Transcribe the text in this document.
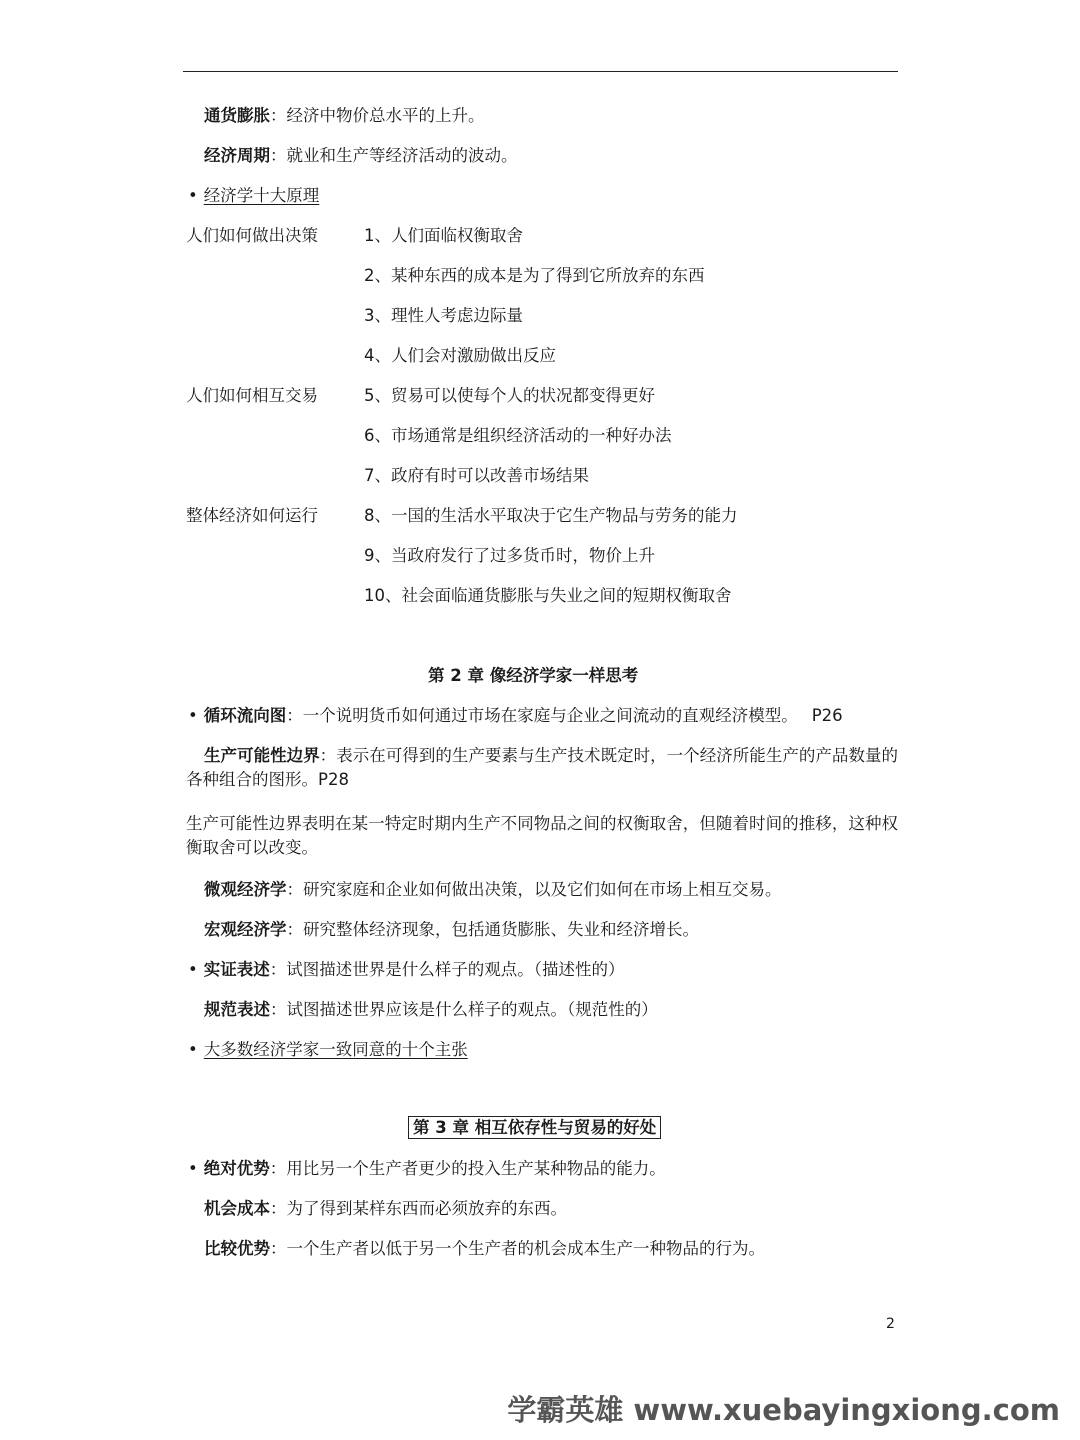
通货膨胀：经济中物价总水平的上升。
经济周期：就业和生产等经济活动的波动。
• 经济学十大原理
人们如何做出决策	1、人们面临权衡取舍
2、某种东西的成本是为了得到它所放弃的东西
3、理性人考虑边际量
4、人们会对激励做出反应
人们如何相互交易	5、贸易可以使每个人的状况都变得更好
6、市场通常是组织经济活动的一种好办法
7、政府有时可以改善市场结果
整体经济如何运行	8、一国的生活水平取决于它生产物品与劳务的能力
9、当政府发行了过多货币时，物价上升
10、社会面临通货膨胀与失业之间的短期权衡取舍
第 2 章 像经济学家一样思考
• 循环流向图：一个说明货币如何通过市场在家庭与企业之间流动的直观经济模型。 P26
生产可能性边界：表示在可得到的生产要素与生产技术既定时，一个经济所能生产的产品数量的各种组合的图形。P28
生产可能性边界表明在某一特定时期内生产不同物品之间的权衡取舍，但随着时间的推移，这种权衡取舍可以改变。
微观经济学：研究家庭和企业如何做出决策，以及它们如何在市场上相互交易。
宏观经济学：研究整体经济现象，包括通货膨胀、失业和经济增长。
• 实证表述：试图描述世界是什么样子的观点。（描述性的）
规范表述：试图描述世界应该是什么样子的观点。（规范性的）
• 大多数经济学家一致同意的十个主张
第 3 章 相互依存性与贸易的好处
• 绝对优势：用比另一个生产者更少的投入生产某种物品的能力。
机会成本：为了得到某样东西而必须放弃的东西。
比较优势：一个生产者以低于另一个生产者的机会成本生产一种物品的行为。
2
学霸英雄 www.xuebayingxiong.com
